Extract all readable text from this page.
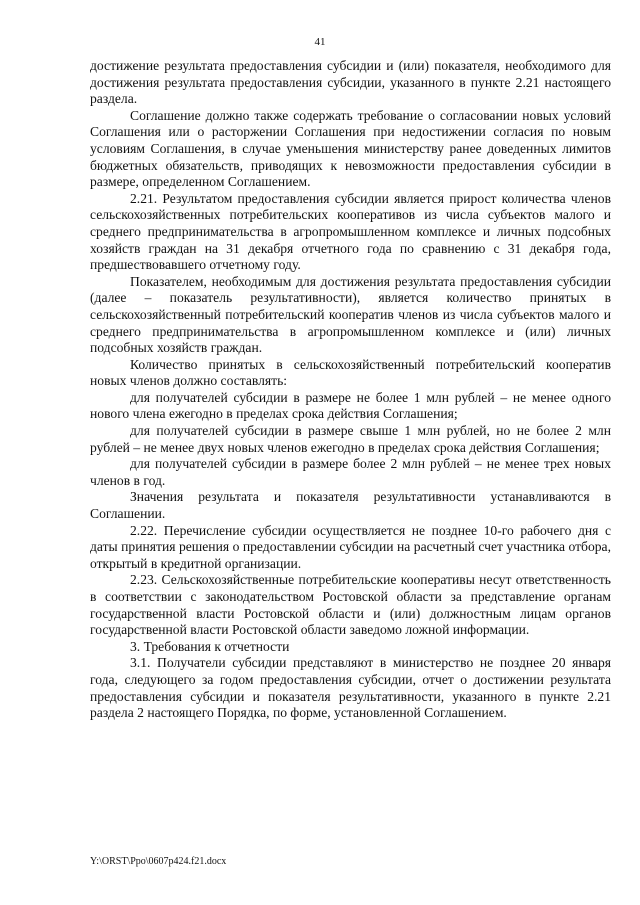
41

достижение результата предоставления субсидии и (или) показателя, необходимого для достижения результата предоставления субсидии, указанного в пункте 2.21 настоящего раздела.

Соглашение должно также содержать требование о согласовании новых условий Соглашения или о расторжении Соглашения при недостижении согласия по новым условиям Соглашения, в случае уменьшения министерству ранее доведенных лимитов бюджетных обязательств, приводящих к невозможности предоставления субсидии в размере, определенном Соглашением.

2.21. Результатом предоставления субсидии является прирост количества членов сельскохозяйственных потребительских кооперативов из числа субъектов малого и среднего предпринимательства в агропромышленном комплексе и личных подсобных хозяйств граждан на 31 декабря отчетного года по сравнению с 31 декабря года, предшествовавшего отчетному году.

Показателем, необходимым для достижения результата предоставления субсидии (далее – показатель результативности), является количество принятых в сельскохозяйственный потребительский кооператив членов из числа субъектов малого и среднего предпринимательства в агропромышленном комплексе и (или) личных подсобных хозяйств граждан.

Количество принятых в сельскохозяйственный потребительский кооператив новых членов должно составлять:

для получателей субсидии в размере не более 1 млн рублей – не менее одного нового члена ежегодно в пределах срока действия Соглашения;

для получателей субсидии в размере свыше 1 млн рублей, но не более 2 млн рублей – не менее двух новых членов ежегодно в пределах срока действия Соглашения;

для получателей субсидии в размере более 2 млн рублей – не менее трех новых членов в год.

Значения результата и показателя результативности устанавливаются в Соглашении.

2.22. Перечисление субсидии осуществляется не позднее 10-го рабочего дня с даты принятия решения о предоставлении субсидии на расчетный счет участника отбора, открытый в кредитной организации.

2.23. Сельскохозяйственные потребительские кооперативы несут ответственность в соответствии с законодательством Ростовской области за представление органам государственной власти Ростовской области и (или) должностным лицам органов государственной власти Ростовской области заведомо ложной информации.

3. Требования к отчетности

3.1. Получатели субсидии представляют в министерство не позднее 20 января года, следующего за годом предоставления субсидии, отчет о достижении результата предоставления субсидии и показателя результативности, указанного в пункте 2.21 раздела 2 настоящего Порядка, по форме, установленной Соглашением.

Y:\ORST\Ppo\0607p424.f21.docx
